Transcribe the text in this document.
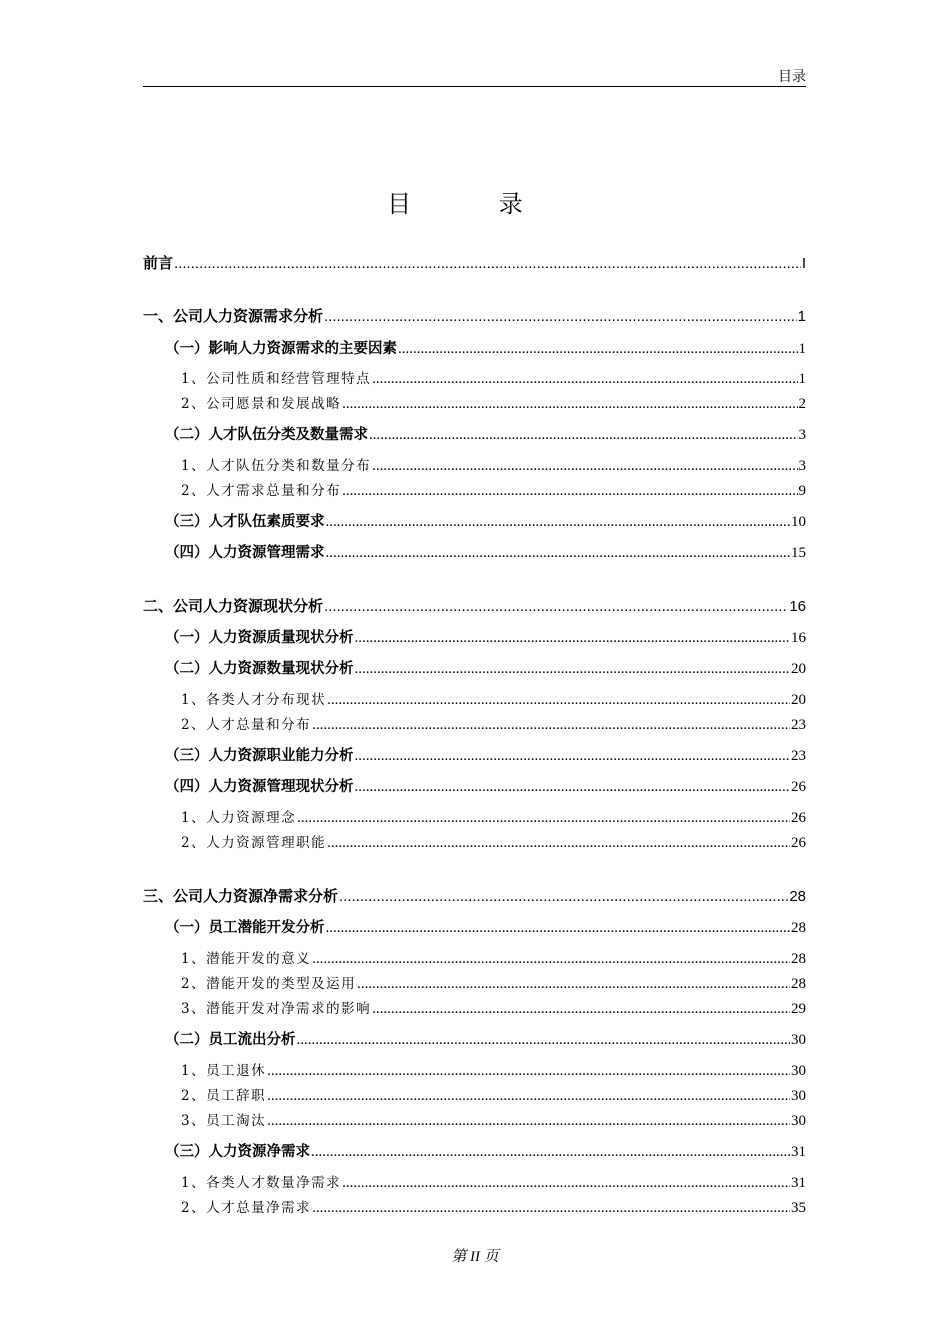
目录
目 录
前言 .....	I
一、公司人力资源需求分析 .....	1
（一）影响人力资源需求的主要因素 .....	1
1、公司性质和经营管理特点 .....	1
2、公司愿景和发展战略 .....	2
（二）人才队伍分类及数量需求 .....	3
1、人才队伍分类和数量分布 .....	3
2、人才需求总量和分布 .....	9
（三）人才队伍素质要求 .....	10
（四）人力资源管理需求 .....	15
二、公司人力资源现状分析 .....	16
（一）人力资源质量现状分析 .....	16
（二）人力资源数量现状分析 .....	20
1、各类人才分布现状 .....	20
2、人才总量和分布 .....	23
（三）人力资源职业能力分析 .....	23
（四）人力资源管理现状分析 .....	26
1、人力资源理念 .....	26
2、人力资源管理职能 .....	26
三、公司人力资源净需求分析 .....	28
（一）员工潜能开发分析 .....	28
1、潜能开发的意义 .....	28
2、潜能开发的类型及运用 .....	28
3、潜能开发对净需求的影响 .....	29
（二）员工流出分析 .....	30
1、员工退休 .....	30
2、员工辞职 .....	30
3、员工淘汰 .....	30
（三）人力资源净需求 .....	31
1、各类人才数量净需求 .....	31
2、人才总量净需求 .....	35
第 II 页
